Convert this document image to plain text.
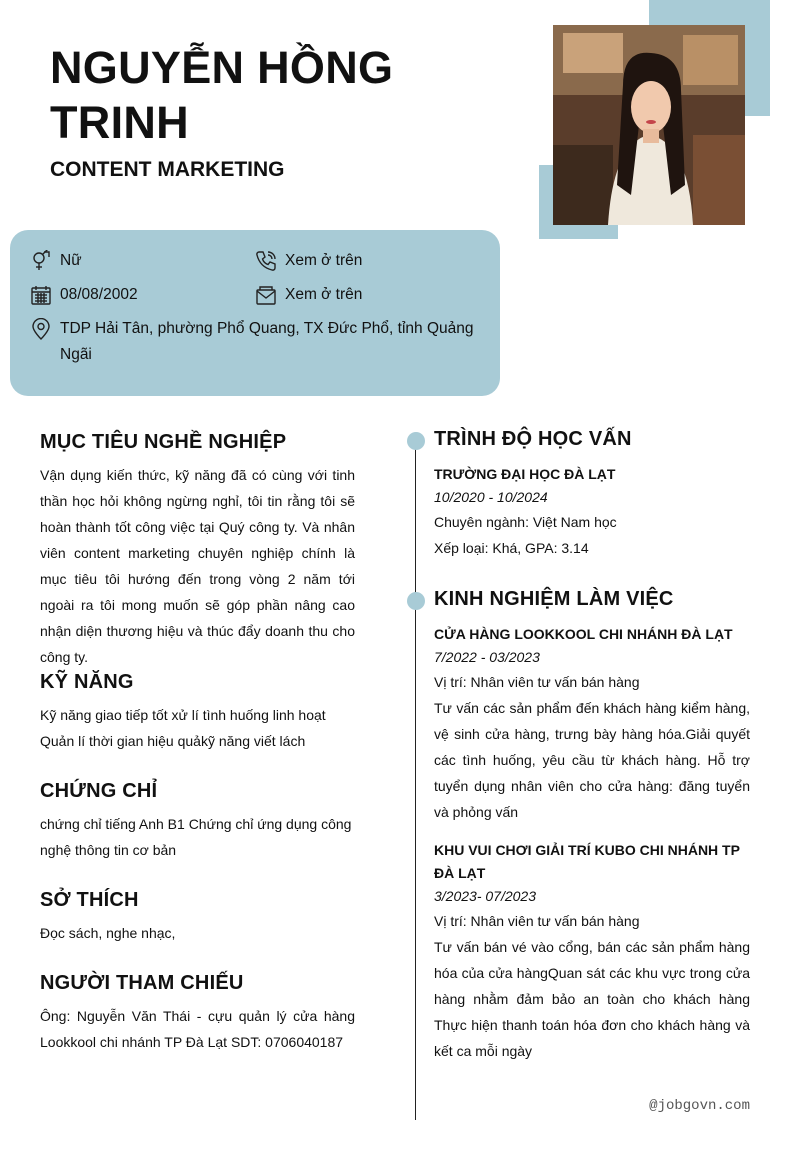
NGUYỄN HỒNG TRINH
CONTENT MARKETING
Nữ
08/08/2002
TDP Hải Tân, phường Phổ Quang, TX Đức Phổ, tỉnh Quảng Ngãi
Xem ở trên
Xem ở trên
MỤC TIÊU NGHỀ NGHIỆP
Vận dụng kiến thức, kỹ năng đã có cùng với tinh thần học hỏi không ngừng nghỉ, tôi tin rằng tôi sẽ hoàn thành tốt công việc tại Quý công ty. Và nhân viên content marketing chuyên nghiệp chính là mục tiêu tôi hướng đến trong vòng 2 năm tới ngoài ra tôi mong muốn sẽ góp phần nâng cao nhận diện thương hiệu và thúc đẩy doanh thu cho công ty.
KỸ NĂNG
Kỹ năng giao tiếp tốt xử lí tình huống linh hoạt
Quản lí thời gian hiệu quảkỹ năng viết lách
CHỨNG CHỈ
chứng chỉ tiếng Anh B1 Chứng chỉ ứng dụng công nghệ thông tin cơ bản
SỞ THÍCH
Đọc sách, nghe nhạc,
NGƯỜI THAM CHIẾU
Ông: Nguyễn Văn Thái - cựu quản lý cửa hàng Lookkool chi nhánh TP Đà Lạt SDT: 0706040187
TRÌNH ĐỘ HỌC VẤN
TRƯỜNG ĐẠI HỌC ĐÀ LẠT
10/2020 - 10/2024
Chuyên ngành: Việt Nam học
Xếp loại: Khá, GPA: 3.14
KINH NGHIỆM LÀM VIỆC
CỬA HÀNG LOOKKOOL CHI NHÁNH ĐÀ LẠT
7/2022 - 03/2023
Vị trí: Nhân viên tư vấn bán hàng
Tư vấn các sản phẩm đến khách hàng kiểm hàng, vệ sinh cửa hàng, trưng bày hàng hóa.Giải quyết các tình huống, yêu cầu từ khách hàng. Hỗ trợ tuyển dụng nhân viên cho cửa hàng: đăng tuyển và phỏng vấn
KHU VUI CHƠI GIẢI TRÍ KUBO CHI NHÁNH TP ĐÀ LẠT
3/2023- 07/2023
Vị trí: Nhân viên tư vấn bán hàng
Tư vấn bán vé vào cổng, bán các sản phẩm hàng hóa của cửa hàngQuan sát các khu vực trong cửa hàng nhằm đảm bảo an toàn cho khách hàng Thực hiện thanh toán hóa đơn cho khách hàng và kết ca mỗi ngày
@jobgovn.com
